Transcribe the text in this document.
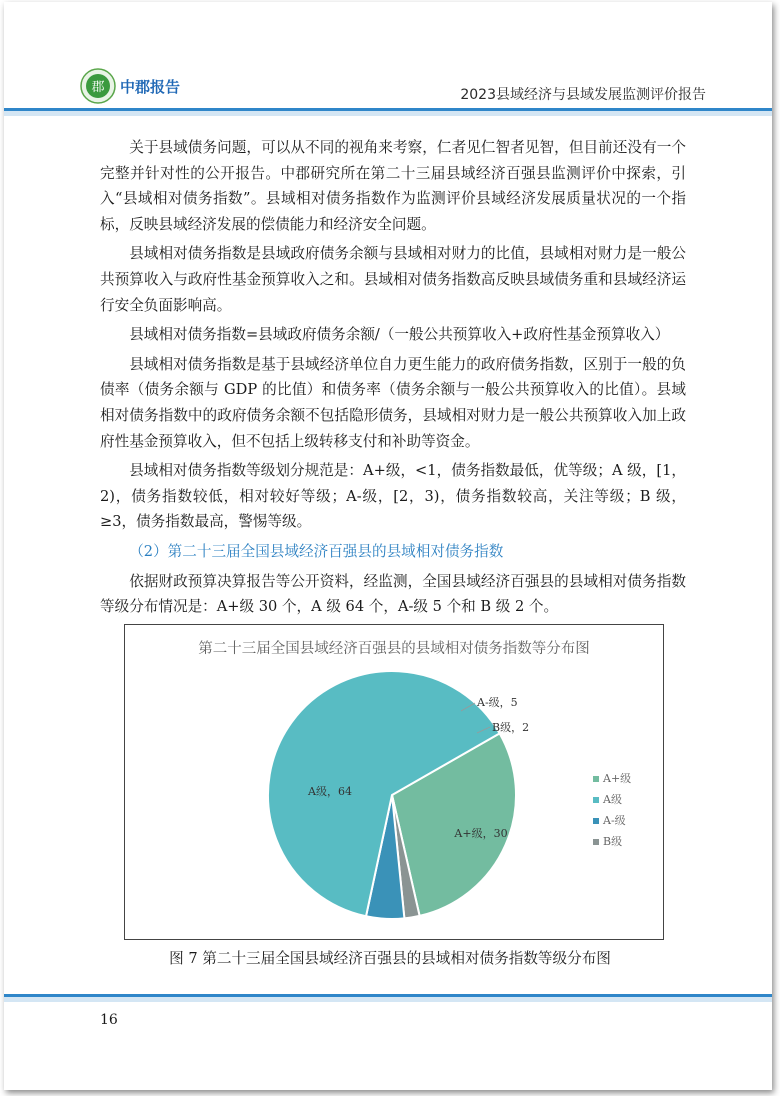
郡 中郡报告	2023县域经济与县域发展监测评价报告

关于县域债务问题，可以从不同的视角来考察，仁者见仁智者见智，但目前还没有一个完整并针对性的公开报告。中郡研究所在第二十三届县域经济百强县监测评价中探索，引入“县域相对债务指数”。县域相对债务指数作为监测评价县域经济发展质量状况的一个指标，反映县域经济发展的偿债能力和经济安全问题。

县域相对债务指数是县域政府债务余额与县域相对财力的比值，县域相对财力是一般公共预算收入与政府性基金预算收入之和。县域相对债务指数高反映县域债务重和县域经济运行安全负面影响高。

县域相对债务指数=县域政府债务余额/（一般公共预算收入+政府性基金预算收入）

县域相对债务指数是基于县域经济单位自力更生能力的政府债务指数，区别于一般的负债率（债务余额与 GDP 的比值）和债务率（债务余额与一般公共预算收入的比值）。县域相对债务指数中的政府债务余额不包括隐形债务，县域相对财力是一般公共预算收入加上政府性基金预算收入，但不包括上级转移支付和补助等资金。

县域相对债务指数等级划分规范是：A+级，<1，债务指数最低，优等级；A 级，[1，2)，债务指数较低，相对较好等级；A-级，[2，3)，债务指数较高，关注等级；B 级，≥3，债务指数最高，警惕等级。

（2）第二十三届全国县域经济百强县的县域相对债务指数

依据财政预算决算报告等公开资料，经监测，全国县域经济百强县的县域相对债务指数等级分布情况是：A+级 30 个，A 级 64 个，A-级 5 个和 B 级 2 个。

第二十三届全国县域经济百强县的县域相对债务指数等分布图
A+级，30
A级，64
A-级，5
B级，2
A+级
A级
A-级
B级
16
图 7 第二十三届全国县域经济百强县的县域相对债务指数等级分布图
